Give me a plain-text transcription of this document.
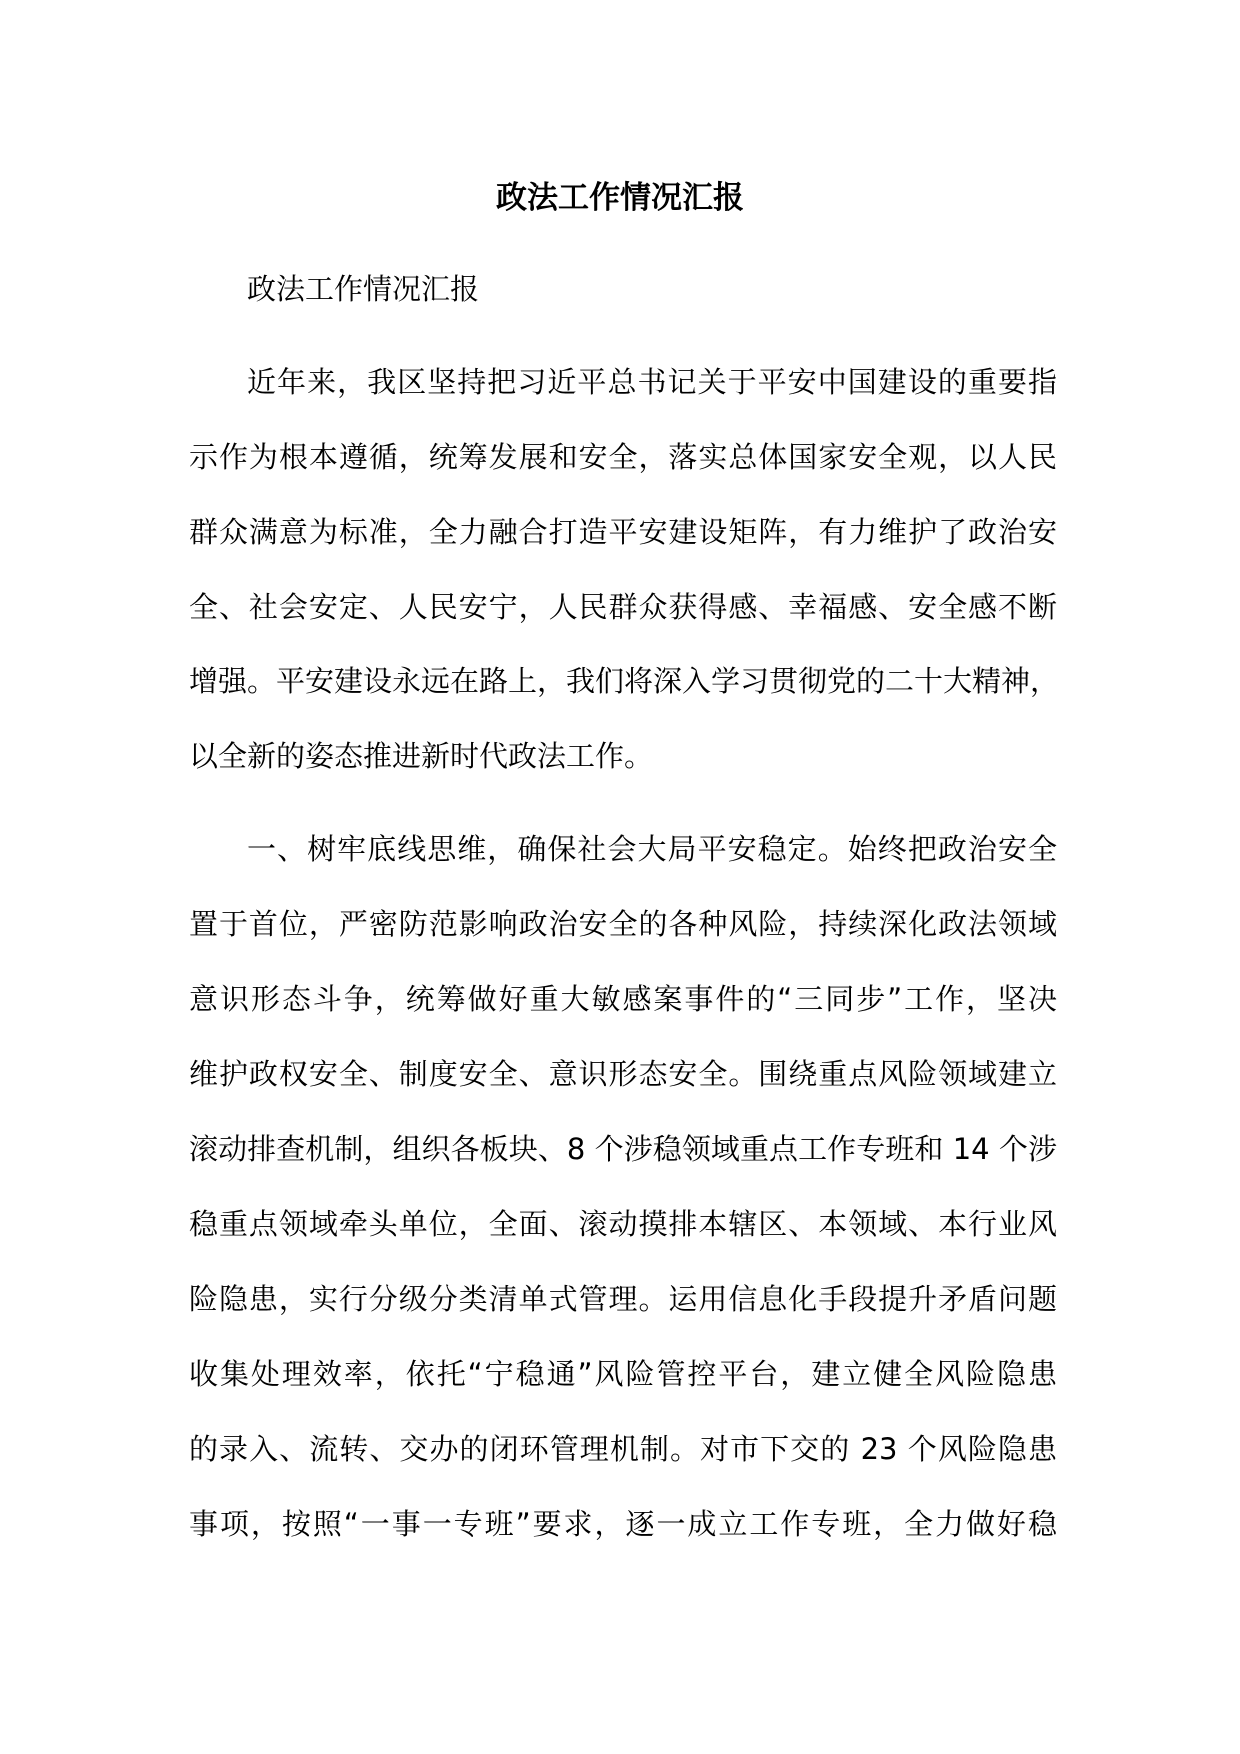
政法工作情况汇报
政法工作情况汇报
近年来，我区坚持把习近平总书记关于平安中国建设的重要指
示作为根本遵循，统筹发展和安全，落实总体国家安全观，以人民
群众满意为标准，全力融合打造平安建设矩阵，有力维护了政治安
全、社会安定、人民安宁，人民群众获得感、幸福感、安全感不断
增强。平安建设永远在路上，我们将深入学习贯彻党的二十大精神，
以全新的姿态推进新时代政法工作。
一、树牢底线思维，确保社会大局平安稳定。始终把政治安全
置于首位，严密防范影响政治安全的各种风险，持续深化政法领域
意识形态斗争，统筹做好重大敏感案事件的“三同步”工作，坚决
维护政权安全、制度安全、意识形态安全。围绕重点风险领域建立
滚动排查机制，组织各板块、8 个涉稳领域重点工作专班和 14 个涉
稳重点领域牵头单位，全面、滚动摸排本辖区、本领域、本行业风
险隐患，实行分级分类清单式管理。运用信息化手段提升矛盾问题
收集处理效率，依托“宁稳通”风险管控平台，建立健全风险隐患
的录入、流转、交办的闭环管理机制。对市下交的 23 个风险隐患
事项，按照“一事一专班”要求，逐一成立工作专班，全力做好稳
